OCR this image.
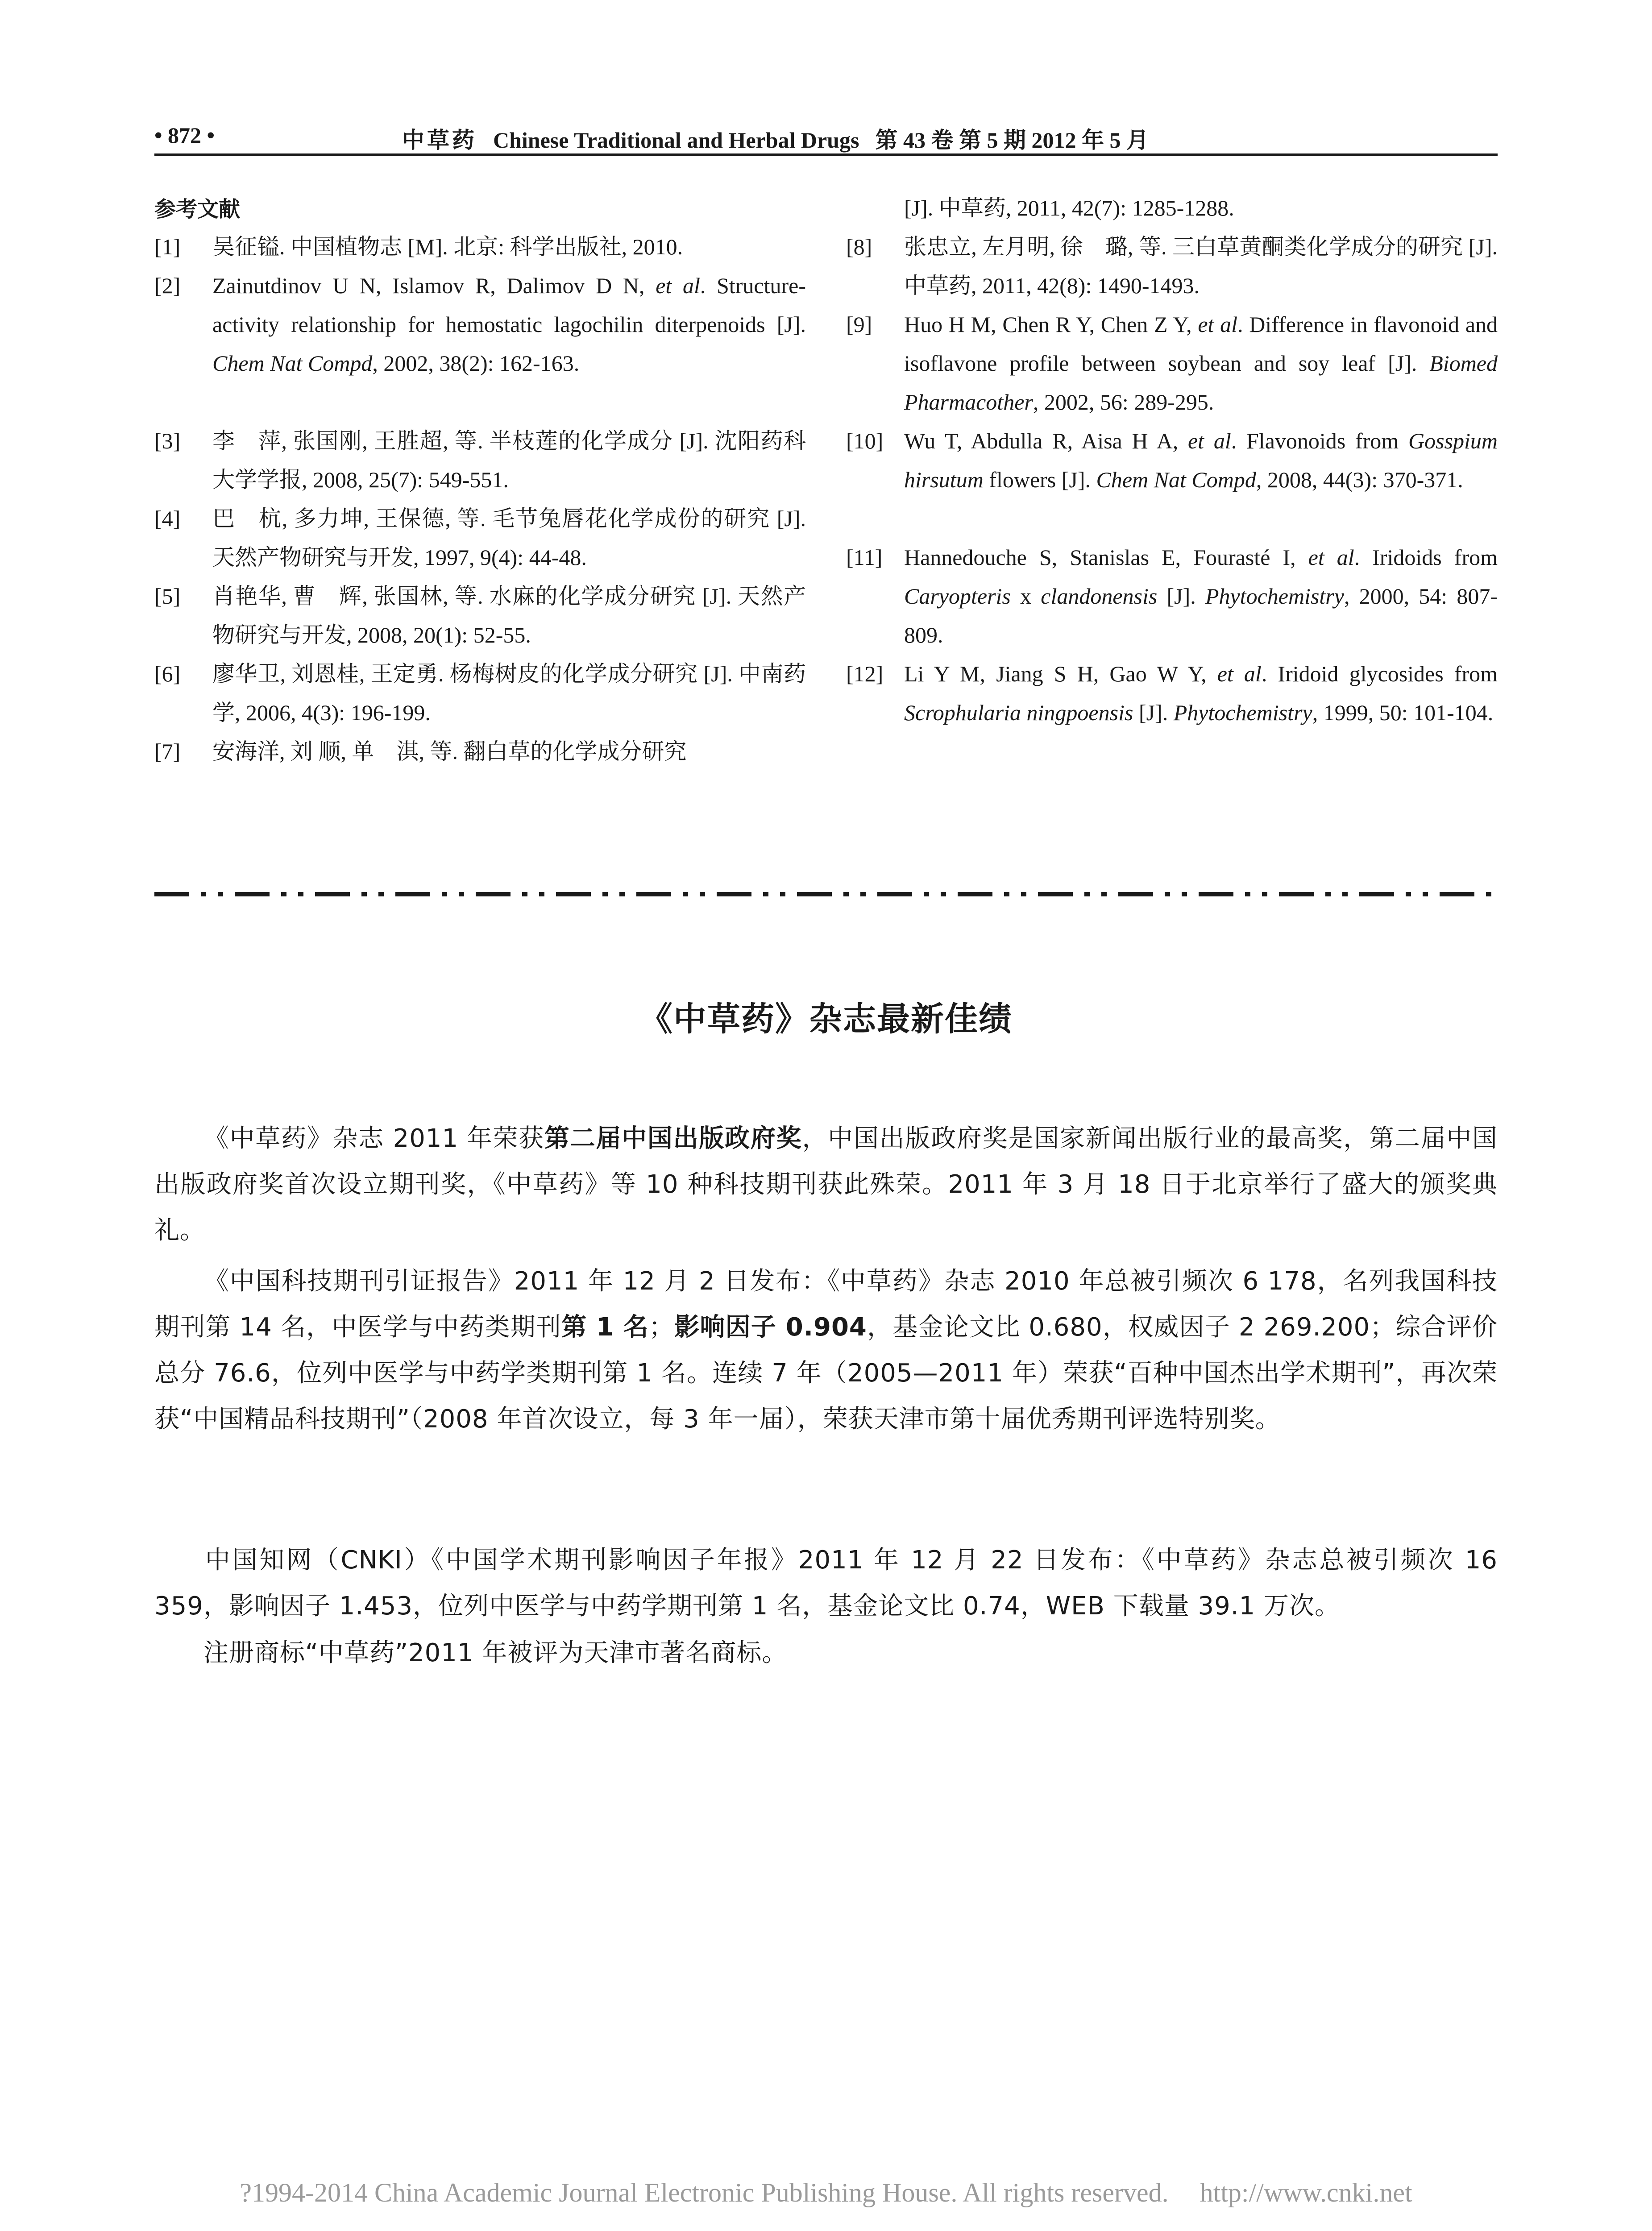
• 872 •	中草药 Chinese Traditional and Herbal Drugs 第 43 卷 第 5 期 2012 年 5 月
参考文献
[1] 吴征镒. 中国植物志 [M]. 北京: 科学出版社, 2010.
[2] Zainutdinov U N, Islamov R, Dalimov D N, et al. Structure-activity relationship for hemostatic lagochilin diterpenoids [J]. Chem Nat Compd, 2002, 38(2): 162-163.
[3] 李　萍, 张国刚, 王胜超, 等. 半枝莲的化学成分 [J]. 沈阳药科大学学报, 2008, 25(7): 549-551.
[4] 巴　杭, 多力坤, 王保德, 等. 毛节兔唇花化学成份的研究 [J]. 天然产物研究与开发, 1997, 9(4): 44-48.
[5] 肖艳华, 曹　辉, 张国林, 等. 水麻的化学成分研究 [J]. 天然产物研究与开发, 2008, 20(1): 52-55.
[6] 廖华卫, 刘恩桂, 王定勇. 杨梅树皮的化学成分研究 [J]. 中南药学, 2006, 4(3): 196-199.
[7] 安海洋, 刘 顺, 单　淇, 等. 翻白草的化学成分研究
[J]. 中草药, 2011, 42(7): 1285-1288.
[8] 张忠立, 左月明, 徐　璐, 等. 三白草黄酮类化学成分的研究 [J]. 中草药, 2011, 42(8): 1490-1493.
[9] Huo H M, Chen R Y, Chen Z Y, et al. Difference in flavonoid and isoflavone profile between soybean and soy leaf [J]. Biomed Pharmacother, 2002, 56: 289-295.
[10] Wu T, Abdulla R, Aisa H A, et al. Flavonoids from Gosspium hirsutum flowers [J]. Chem Nat Compd, 2008, 44(3): 370-371.
[11] Hannedouche S, Stanislas E, Fourasté I, et al. Iridoids from Caryopteris x clandonensis [J]. Phytochemistry, 2000, 54: 807-809.
[12] Li Y M, Jiang S H, Gao W Y, et al. Iridoid glycosides from Scrophularia ningpoensis [J]. Phytochemistry, 1999, 50: 101-104.
《中草药》杂志最新佳绩
《中草药》杂志 2011 年荣获第二届中国出版政府奖，中国出版政府奖是国家新闻出版行业的最高奖，第二届中国出版政府奖首次设立期刊奖，《中草药》等 10 种科技期刊获此殊荣。2011 年 3 月 18 日于北京举行了盛大的颁奖典礼。
《中国科技期刊引证报告》2011 年 12 月 2 日发布：《中草药》杂志 2010 年总被引频次 6 178，名列我国科技期刊第 14 名，中医学与中药类期刊第 1 名；影响因子 0.904，基金论文比 0.680，权威因子 2 269.200；综合评价总分 76.6，位列中医学与中药学类期刊第 1 名。连续 7 年（2005—2011 年）荣获“百种中国杰出学术期刊”，再次荣获“中国精品科技期刊”（2008 年首次设立，每 3 年一届），荣获天津市第十届优秀期刊评选特别奖。
中国知网（CNKI）《中国学术期刊影响因子年报》2011 年 12 月 22 日发布：《中草药》杂志总被引频次 16 359，影响因子 1.453，位列中医学与中药学期刊第 1 名，基金论文比 0.74，WEB 下载量 39.1 万次。
注册商标“中草药”2011 年被评为天津市著名商标。
?1994-2014 China Academic Journal Electronic Publishing House. All rights reserved. http://www.cnki.net
